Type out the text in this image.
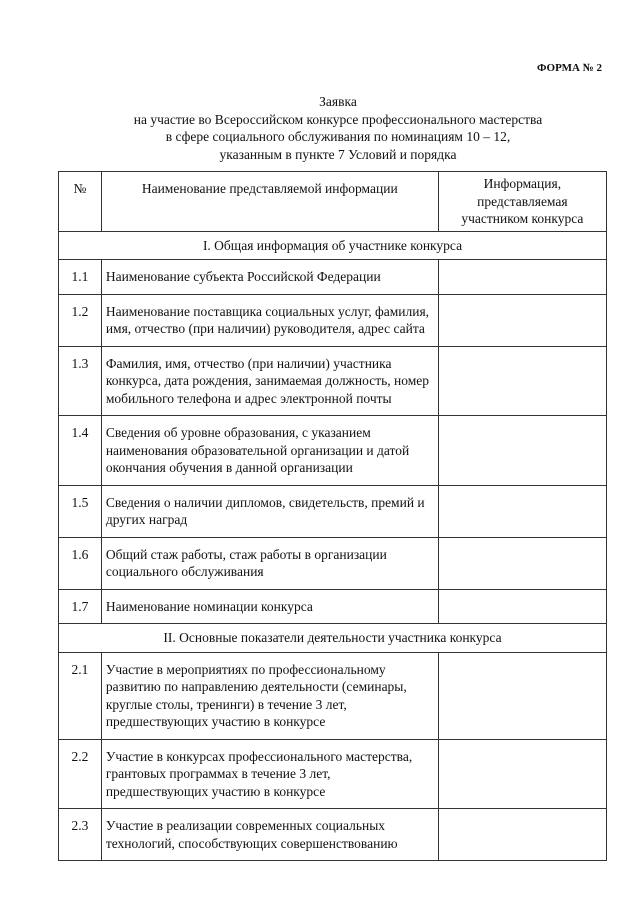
ФОРМА № 2
Заявка
на участие во Всероссийском конкурсе профессионального мастерства
в сфере социального обслуживания по номинациям 10 – 12,
указанным в пункте 7 Условий и порядка
№	Наименование представляемой информации	Информация, представляемая участником конкурса
I. Общая информация об участнике конкурса		
1.1	Наименование субъекта Российской Федерации	
1.2	Наименование поставщика социальных услуг, фамилия, имя, отчество (при наличии) руководителя, адрес сайта	
1.3	Фамилия, имя, отчество (при наличии) участника конкурса, дата рождения, занимаемая должность, номер мобильного телефона и адрес электронной почты	
1.4	Сведения об уровне образования, с указанием наименования образовательной организации и датой окончания обучения в данной организации	
1.5	Сведения о наличии дипломов, свидетельств, премий и других наград	
1.6	Общий стаж работы, стаж работы в организации социального обслуживания	
1.7	Наименование номинации конкурса	
II. Основные показатели деятельности участника конкурса		
2.1	Участие в мероприятиях по профессиональному развитию по направлению деятельности (семинары, круглые столы, тренинги) в течение 3 лет, предшествующих участию в конкурсе	
2.2	Участие в конкурсах профессионального мастерства, грантовых программах в течение 3 лет, предшествующих участию в конкурсе	
2.3	Участие в реализации современных социальных технологий, способствующих совершенствованию	
